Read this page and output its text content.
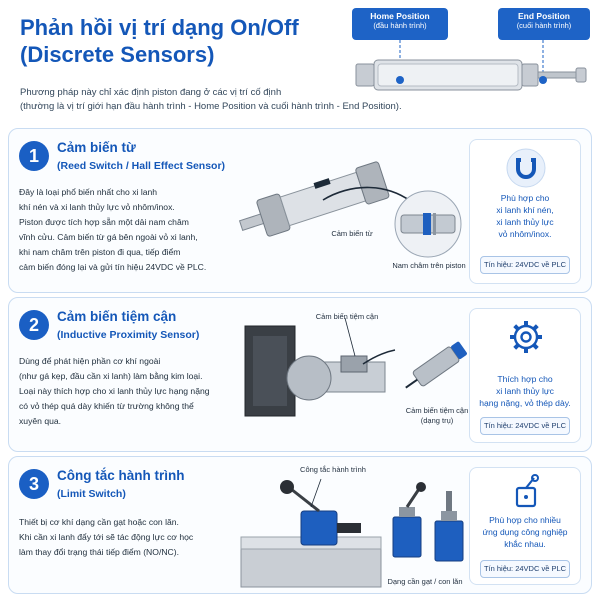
Phản hồi vị trí dạng On/Off
(Discrete Sensors)
Phương pháp này chỉ xác định piston đang ở các vị trí cố định
(thường là vị trí giới hạn đầu hành trình - Home Position và cuối hành trình - End Position).
Home Position
(đầu hành trình)
End Position
(cuối hành trình)
1	Cảm biến từ
(Reed Switch / Hall Effect Sensor)
Đây là loại phổ biến nhất cho xi lanh
khí nén và xi lanh thủy lực vỏ nhôm/inox.
Piston được tích hợp sẵn một dải nam châm
vĩnh cửu. Cảm biến từ gá bên ngoài vỏ xi lanh,
khi nam châm trên piston đi qua, tiếp điểm
cảm biến đóng lại và gửi tín hiệu 24VDC về PLC.
Cảm biến từ
Nam châm trên piston
Phù hợp cho
xi lanh khí nén,
xi lanh thủy lực
vỏ nhôm/inox.
Tín hiệu: 24VDC về PLC
2	Cảm biến tiệm cận
(Inductive Proximity Sensor)
Dùng để phát hiện phần cơ khí ngoài
(như gá kẹp, đầu cần xi lanh) làm bằng kim loại.
Loại này thích hợp cho xi lanh thủy lực hạng nặng
có vỏ thép quá dày khiến từ trường không thể
xuyên qua.
Cảm biến tiệm cận
Cảm biến tiệm cận
(dạng trụ)
Thích hợp cho
xi lanh thủy lực
hạng nặng, vỏ thép dày.
Tín hiệu: 24VDC về PLC
3	Công tắc hành trình
(Limit Switch)
Thiết bị cơ khí dạng cần gạt hoặc con lăn.
Khi cần xi lanh đẩy tới sẽ tác động lực cơ học
làm thay đổi trạng thái tiếp điểm (NO/NC).
Công tắc hành trình
Dạng cần gạt / con lăn
Phù hợp cho nhiều
ứng dụng công nghiệp
khắc nhau.
Tín hiệu: 24VDC về PLC
